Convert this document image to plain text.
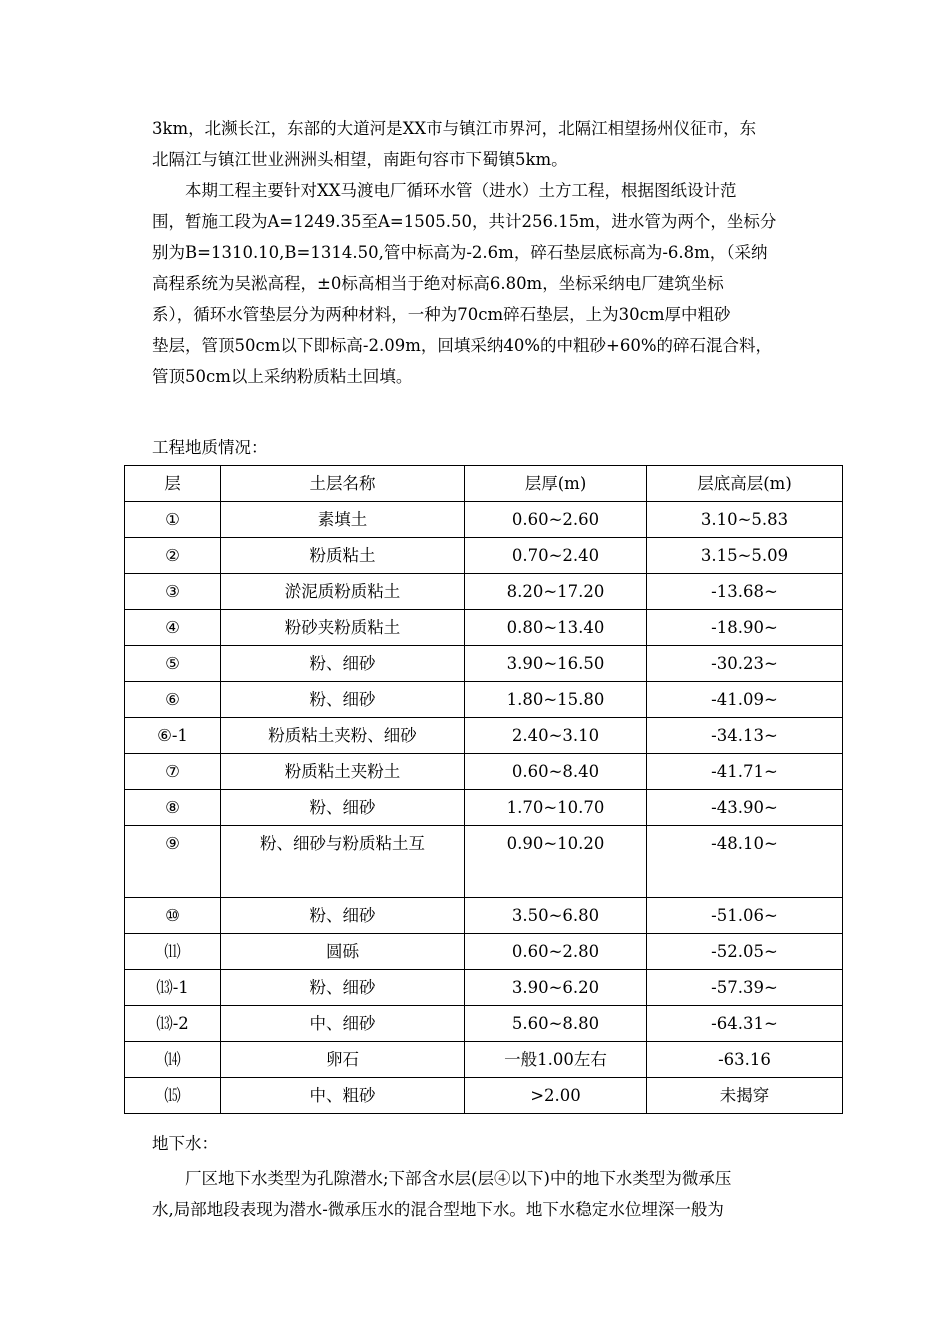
3km，北濒长江，东部的大道河是XX市与镇江市界河，北隔江相望扬州仪征市，东
北隔江与镇江世业洲洲头相望，南距句容市下蜀镇5km。
本期工程主要针对XX马渡电厂循环水管（进水）土方工程，根据图纸设计范
围，暂施工段为A=1249.35至A=1505.50，共计256.15m，进水管为两个，坐标分
别为B=1310.10,B=1314.50,管中标高为-2.6m，碎石垫层底标高为-6.8m，（采纳
高程系统为吴淞高程，±0标高相当于绝对标高6.80m，坐标采纳电厂建筑坐标
系），循环水管垫层分为两种材料，一种为70cm碎石垫层，上为30cm厚中粗砂
垫层，管顶50cm以下即标高-2.09m，回填采纳40%的中粗砂+60%的碎石混合料，
管顶50cm以上采纳粉质粘土回填。
工程地质情况：
层	土层名称	层厚(m)	层底高层(m)
①	素填土	0.60~2.60	3.10~5.83
②	粉质粘土	0.70~2.40	3.15~5.09
③	淤泥质粉质粘土	8.20~17.20	-13.68~
④	粉砂夹粉质粘土	0.80~13.40	-18.90~
⑤	粉、细砂	3.90~16.50	-30.23~
⑥	粉、细砂	1.80~15.80	-41.09~
⑥-1	粉质粘土夹粉、细砂	2.40~3.10	-34.13~
⑦	粉质粘土夹粉土	0.60~8.40	-41.71~
⑧	粉、细砂	1.70~10.70	-43.90~
⑨	粉、细砂与粉质粘土互	0.90~10.20	-48.10~
⑩	粉、细砂	3.50~6.80	-51.06~
⑾	圆砾	0.60~2.80	-52.05~
⒀-1	粉、细砂	3.90~6.20	-57.39~
⒀-2	中、细砂	5.60~8.80	-64.31~
⒁	卵石	一般1.00左右	-63.16
⒂	中、粗砂	>2.00	未揭穿
地下水：
厂区地下水类型为孔隙潜水;下部含水层(层④以下)中的地下水类型为微承压
水,局部地段表现为潜水-微承压水的混合型地下水。地下水稳定水位埋深一般为
